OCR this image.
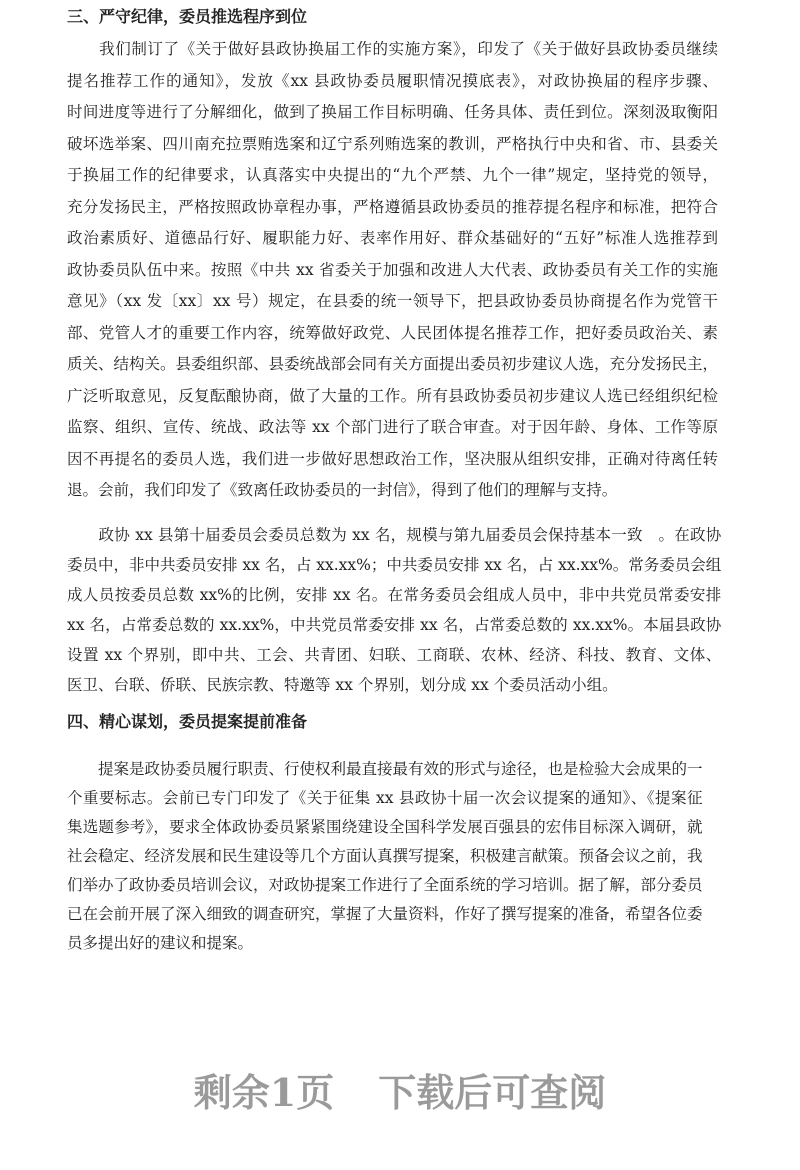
三、严守纪律，委员推选程序到位
　　我们制订了《关于做好县政协换届工作的实施方案》，印发了《关于做好县政协委员继续
提名推荐工作的通知》，发放《xx 县政协委员履职情况摸底表》，对政协换届的程序步骤、
时间进度等进行了分解细化，做到了换届工作目标明确、任务具体、责任到位。深刻汲取衡阳
破坏选举案、四川南充拉票贿选案和辽宁系列贿选案的教训，严格执行中央和省、市、县委关
于换届工作的纪律要求，认真落实中央提出的“九个严禁、九个一律”规定，坚持党的领导，
充分发扬民主，严格按照政协章程办事，严格遵循县政协委员的推荐提名程序和标准，把符合
政治素质好、道德品行好、履职能力好、表率作用好、群众基础好的“五好”标准人选推荐到
政协委员队伍中来。按照《中共 xx 省委关于加强和改进人大代表、政协委员有关工作的实施
意见》（xx 发〔xx〕xx 号）规定，在县委的统一领导下，把县政协委员协商提名作为党管干
部、党管人才的重要工作内容，统筹做好政党、人民团体提名推荐工作，把好委员政治关、素
质关、结构关。县委组织部、县委统战部会同有关方面提出委员初步建议人选，充分发扬民主，
广泛听取意见，反复酝酿协商，做了大量的工作。所有县政协委员初步建议人选已经组织纪检
监察、组织、宣传、统战、政法等 xx 个部门进行了联合审查。对于因年龄、身体、工作等原
因不再提名的委员人选，我们进一步做好思想政治工作，坚决服从组织安排，正确对待离任转
退。会前，我们印发了《致离任政协委员的一封信》，得到了他们的理解与支持。
　　政协 xx 县第十届委员会委员总数为 xx 名，规模与第九届委员会保持基本一致　。在政协
委员中，非中共委员安排 xx 名，占 xx.xx%；中共委员安排 xx 名，占 xx.xx%。常务委员会组
成人员按委员总数 xx%的比例，安排 xx 名。在常务委员会组成人员中，非中共党员常委安排
xx 名，占常委总数的 xx.xx%，中共党员常委安排 xx 名，占常委总数的 xx.xx%。本届县政协
设置 xx 个界别，即中共、工会、共青团、妇联、工商联、农林、经济、科技、教育、文体、
医卫、台联、侨联、民族宗教、特邀等 xx 个界别，划分成 xx 个委员活动小组。
四、精心谋划，委员提案提前准备
　　提案是政协委员履行职责、行使权利最直接最有效的形式与途径，也是检验大会成果的一
个重要标志。会前已专门印发了《关于征集 xx 县政协十届一次会议提案的通知》、《提案征
集选题参考》，要求全体政协委员紧紧围绕建设全国科学发展百强县的宏伟目标深入调研，就
社会稳定、经济发展和民生建设等几个方面认真撰写提案，积极建言献策。预备会议之前，我
们举办了政协委员培训会议，对政协提案工作进行了全面系统的学习培训。据了解，部分委员
已在会前开展了深入细致的调查研究，掌握了大量资料，作好了撰写提案的准备，希望各位委
员多提出好的建议和提案。
剩余1页 下载后可查阅
